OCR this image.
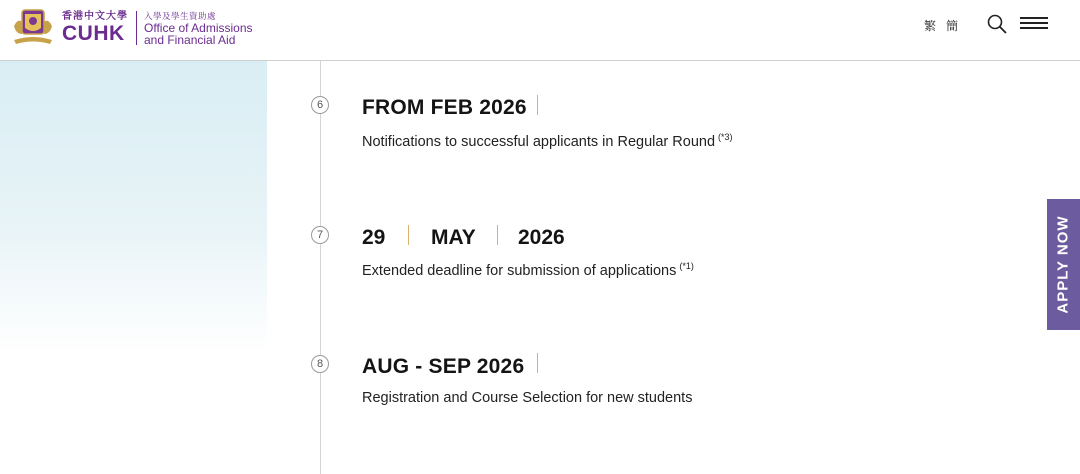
香港中文大學
CUHK
入學及學生資助處
Office of Admissions
and Financial Aid
繁 簡
6 FROM FEB 2026
Notifications to successful applicants in Regular Round $^{(*3)}$
7 29 MAY 2026
Extended deadline for submission of applications $^{(*1)}$
8 AUG - SEP 2026
Registration and Course Selection for new students
APPLY NOW
